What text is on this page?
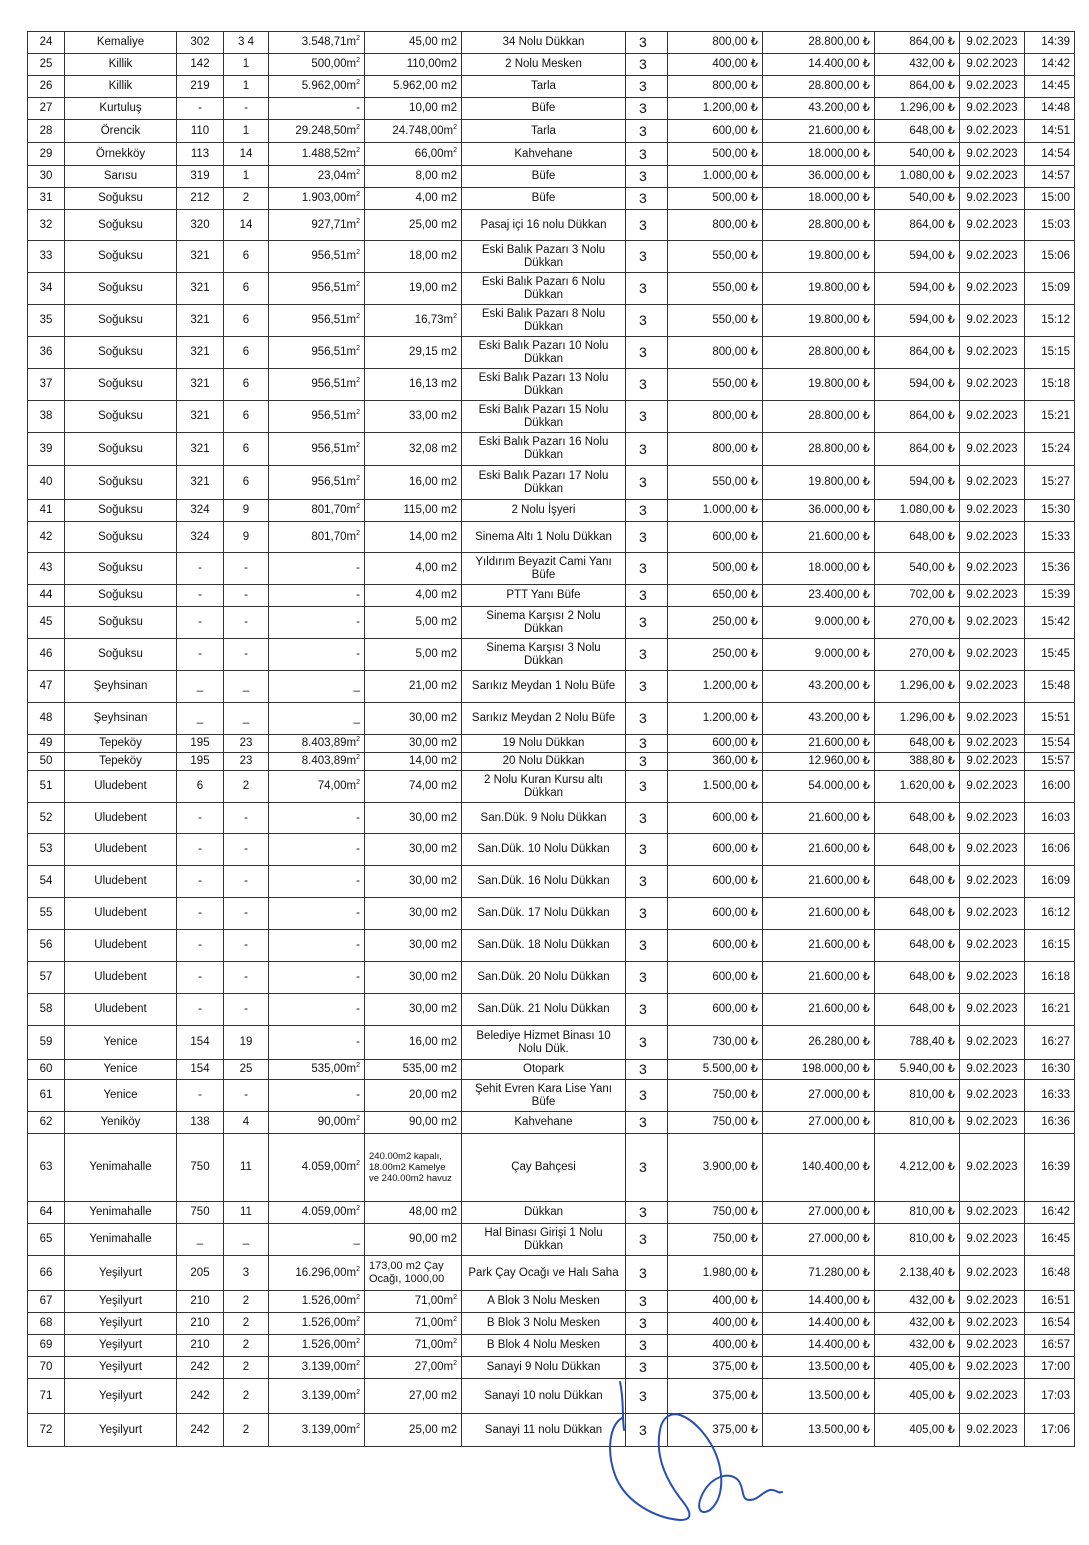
24	Kemaliye	302	3 4	$3.548,71m^2$	45,00 m2	34 Nolu Dükkan	3	800,00 ₺	28.800,00 ₺	864,00 ₺	9.02.2023	14:39
25	Killik	142	1	$500,00m^2$	110,00m2	2 Nolu Mesken	3	400,00 ₺	14.400,00 ₺	432,00 ₺	9.02.2023	14:42
26	Killik	219	1	$5.962,00m^2$	5.962,00 m2	Tarla	3	800,00 ₺	28.800,00 ₺	864,00 ₺	9.02.2023	14:45
27	Kurtuluş	-	-	-	10,00 m2	Büfe	3	1.200,00 ₺	43.200,00 ₺	1.296,00 ₺	9.02.2023	14:48
28	Örencik	110	1	$29.248,50m^2$	$24.748,00m^2$	Tarla	3	600,00 ₺	21.600,00 ₺	648,00 ₺	9.02.2023	14:51
29	Örnekköy	113	14	$1.488,52m^2$	$66,00m^2$	Kahvehane	3	500,00 ₺	18.000,00 ₺	540,00 ₺	9.02.2023	14:54
30	Sarısu	319	1	$23,04m^2$	8,00 m2	Büfe	3	1.000,00 ₺	36.000,00 ₺	1.080,00 ₺	9.02.2023	14:57
31	Soğuksu	212	2	$1.903,00m^2$	4,00 m2	Büfe	3	500,00 ₺	18.000,00 ₺	540,00 ₺	9.02.2023	15:00
32	Soğuksu	320	14	$927,71m^2$	25,00 m2	Pasaj içi 16 nolu Dükkan	3	800,00 ₺	28.800,00 ₺	864,00 ₺	9.02.2023	15:03
33	Soğuksu	321	6	$956,51m^2$	18,00 m2	Eski Balık Pazarı 3 Nolu Dükkan	3	550,00 ₺	19.800,00 ₺	594,00 ₺	9.02.2023	15:06
34	Soğuksu	321	6	$956,51m^2$	19,00 m2	Eski Balık Pazarı 6 Nolu Dükkan	3	550,00 ₺	19.800,00 ₺	594,00 ₺	9.02.2023	15:09
35	Soğuksu	321	6	$956,51m^2$	$16,73m^2$	Eski Balık Pazarı 8 Nolu Dükkan	3	550,00 ₺	19.800,00 ₺	594,00 ₺	9.02.2023	15:12
36	Soğuksu	321	6	$956,51m^2$	29,15 m2	Eski Balık Pazarı 10 Nolu Dükkan	3	800,00 ₺	28.800,00 ₺	864,00 ₺	9.02.2023	15:15
37	Soğuksu	321	6	$956,51m^2$	16,13 m2	Eski Balık Pazarı 13 Nolu Dükkan	3	550,00 ₺	19.800,00 ₺	594,00 ₺	9.02.2023	15:18
38	Soğuksu	321	6	$956,51m^2$	33,00 m2	Eski Balık Pazarı 15 Nolu Dükkan	3	800,00 ₺	28.800,00 ₺	864,00 ₺	9.02.2023	15:21
39	Soğuksu	321	6	$956,51m^2$	32,08 m2	Eski Balık Pazarı 16 Nolu Dükkan	3	800,00 ₺	28.800,00 ₺	864,00 ₺	9.02.2023	15:24
40	Soğuksu	321	6	$956,51m^2$	16,00 m2	Eski Balık Pazarı 17 Nolu Dükkan	3	550,00 ₺	19.800,00 ₺	594,00 ₺	9.02.2023	15:27
41	Soğuksu	324	9	$801,70m^2$	115,00 m2	2 Nolu İşyeri	3	1.000,00 ₺	36.000,00 ₺	1.080,00 ₺	9.02.2023	15:30
42	Soğuksu	324	9	$801,70m^2$	14,00 m2	Sinema Altı 1 Nolu Dükkan	3	600,00 ₺	21.600,00 ₺	648,00 ₺	9.02.2023	15:33
43	Soğuksu	-	-	-	4,00 m2	Yıldırım Beyazit Cami Yanı Büfe	3	500,00 ₺	18.000,00 ₺	540,00 ₺	9.02.2023	15:36
44	Soğuksu	-	-	-	4,00 m2	PTT Yanı Büfe	3	650,00 ₺	23.400,00 ₺	702,00 ₺	9.02.2023	15:39
45	Soğuksu	-	-	-	5,00 m2	Sinema Karşısı 2 Nolu Dükkan	3	250,00 ₺	9.000,00 ₺	270,00 ₺	9.02.2023	15:42
46	Soğuksu	-	-	-	5,00 m2	Sinema Karşısı 3 Nolu Dükkan	3	250,00 ₺	9.000,00 ₺	270,00 ₺	9.02.2023	15:45
47	Şeyhsinan	_	_	_	21,00 m2	Sarıkız Meydan 1 Nolu Büfe	3	1.200,00 ₺	43.200,00 ₺	1.296,00 ₺	9.02.2023	15:48
48	Şeyhsinan	_	_	_	30,00 m2	Sarıkız Meydan 2 Nolu Büfe	3	1.200,00 ₺	43.200,00 ₺	1.296,00 ₺	9.02.2023	15:51
49	Tepeköy	195	23	$8.403,89m^2$	30,00 m2	19 Nolu Dükkan	3	600,00 ₺	21.600,00 ₺	648,00 ₺	9.02.2023	15:54
50	Tepeköy	195	23	$8.403,89m^2$	14,00 m2	20 Nolu Dükkan	3	360,00 ₺	12.960,00 ₺	388,80 ₺	9.02.2023	15:57
51	Uludebent	6	2	$74,00m^2$	74,00 m2	2 Nolu Kuran Kursu altı Dükkan	3	1.500,00 ₺	54.000,00 ₺	1.620,00 ₺	9.02.2023	16:00
52	Uludebent	-	-	-	30,00 m2	San.Dük. 9 Nolu Dükkan	3	600,00 ₺	21.600,00 ₺	648,00 ₺	9.02.2023	16:03
53	Uludebent	-	-	-	30,00 m2	San.Dük. 10 Nolu Dükkan	3	600,00 ₺	21.600,00 ₺	648,00 ₺	9.02.2023	16:06
54	Uludebent	-	-	-	30,00 m2	San.Dük. 16 Nolu Dükkan	3	600,00 ₺	21.600,00 ₺	648,00 ₺	9.02.2023	16:09
55	Uludebent	-	-	-	30,00 m2	San.Dük. 17 Nolu Dükkan	3	600,00 ₺	21.600,00 ₺	648,00 ₺	9.02.2023	16:12
56	Uludebent	-	-	-	30,00 m2	San.Dük. 18 Nolu Dükkan	3	600,00 ₺	21.600,00 ₺	648,00 ₺	9.02.2023	16:15
57	Uludebent	-	-	-	30,00 m2	San.Dük. 20 Nolu Dükkan	3	600,00 ₺	21.600,00 ₺	648,00 ₺	9.02.2023	16:18
58	Uludebent	-	-	-	30,00 m2	San.Dük. 21 Nolu Dükkan	3	600,00 ₺	21.600,00 ₺	648,00 ₺	9.02.2023	16:21
59	Yenice	154	19	-	16,00 m2	Belediye Hizmet Binası 10 Nolu Dük.	3	730,00 ₺	26.280,00 ₺	788,40 ₺	9.02.2023	16:27
60	Yenice	154	25	$535,00m^2$	535,00 m2	Otopark	3	5.500,00 ₺	198.000,00 ₺	5.940,00 ₺	9.02.2023	16:30
61	Yenice	-	-	-	20,00 m2	Şehit Evren Kara Lise Yanı Büfe	3	750,00 ₺	27.000,00 ₺	810,00 ₺	9.02.2023	16:33
62	Yeniköy	138	4	$90,00m^2$	90,00 m2	Kahvehane	3	750,00 ₺	27.000,00 ₺	810,00 ₺	9.02.2023	16:36
63	Yenimahalle	750	11	$4.059,00m^2$	240.00m2 kapalı, 18.00m2 Kamelye ve 240.00m2 havuz	Çay Bahçesi	3	3.900,00 ₺	140.400,00 ₺	4.212,00 ₺	9.02.2023	16:39
64	Yenimahalle	750	11	$4.059,00m^2$	48,00 m2	Dükkan	3	750,00 ₺	27.000,00 ₺	810,00 ₺	9.02.2023	16:42
65	Yenimahalle	_	_	_	90,00 m2	Hal Binası Girişi 1 Nolu Dükkan	3	750,00 ₺	27.000,00 ₺	810,00 ₺	9.02.2023	16:45
66	Yeşilyurt	205	3	$16.296,00m^2$	173,00 m2 Çay Ocağı, 1000,00	Park Çay Ocağı ve Halı Saha	3	1.980,00 ₺	71.280,00 ₺	2.138,40 ₺	9.02.2023	16:48
67	Yeşilyurt	210	2	$1.526,00m^2$	$71,00m^2$	A Blok 3 Nolu Mesken	3	400,00 ₺	14.400,00 ₺	432,00 ₺	9.02.2023	16:51
68	Yeşilyurt	210	2	$1.526,00m^2$	$71,00m^2$	B Blok 3 Nolu Mesken	3	400,00 ₺	14.400,00 ₺	432,00 ₺	9.02.2023	16:54
69	Yeşilyurt	210	2	$1.526,00m^2$	$71,00m^2$	B Blok 4 Nolu Mesken	3	400,00 ₺	14.400,00 ₺	432,00 ₺	9.02.2023	16:57
70	Yeşilyurt	242	2	$3.139,00m^2$	$27,00m^2$	Sanayi 9 Nolu Dükkan	3	375,00 ₺	13.500,00 ₺	405,00 ₺	9.02.2023	17:00
71	Yeşilyurt	242	2	$3.139,00m^2$	27,00 m2	Sanayi 10 nolu Dükkan	3	375,00 ₺	13.500,00 ₺	405,00 ₺	9.02.2023	17:03
72	Yeşilyurt	242	2	$3.139,00m^2$	25,00 m2	Sanayi 11 nolu Dükkan	3	375,00 ₺	13.500,00 ₺	405,00 ₺	9.02.2023	17:06
